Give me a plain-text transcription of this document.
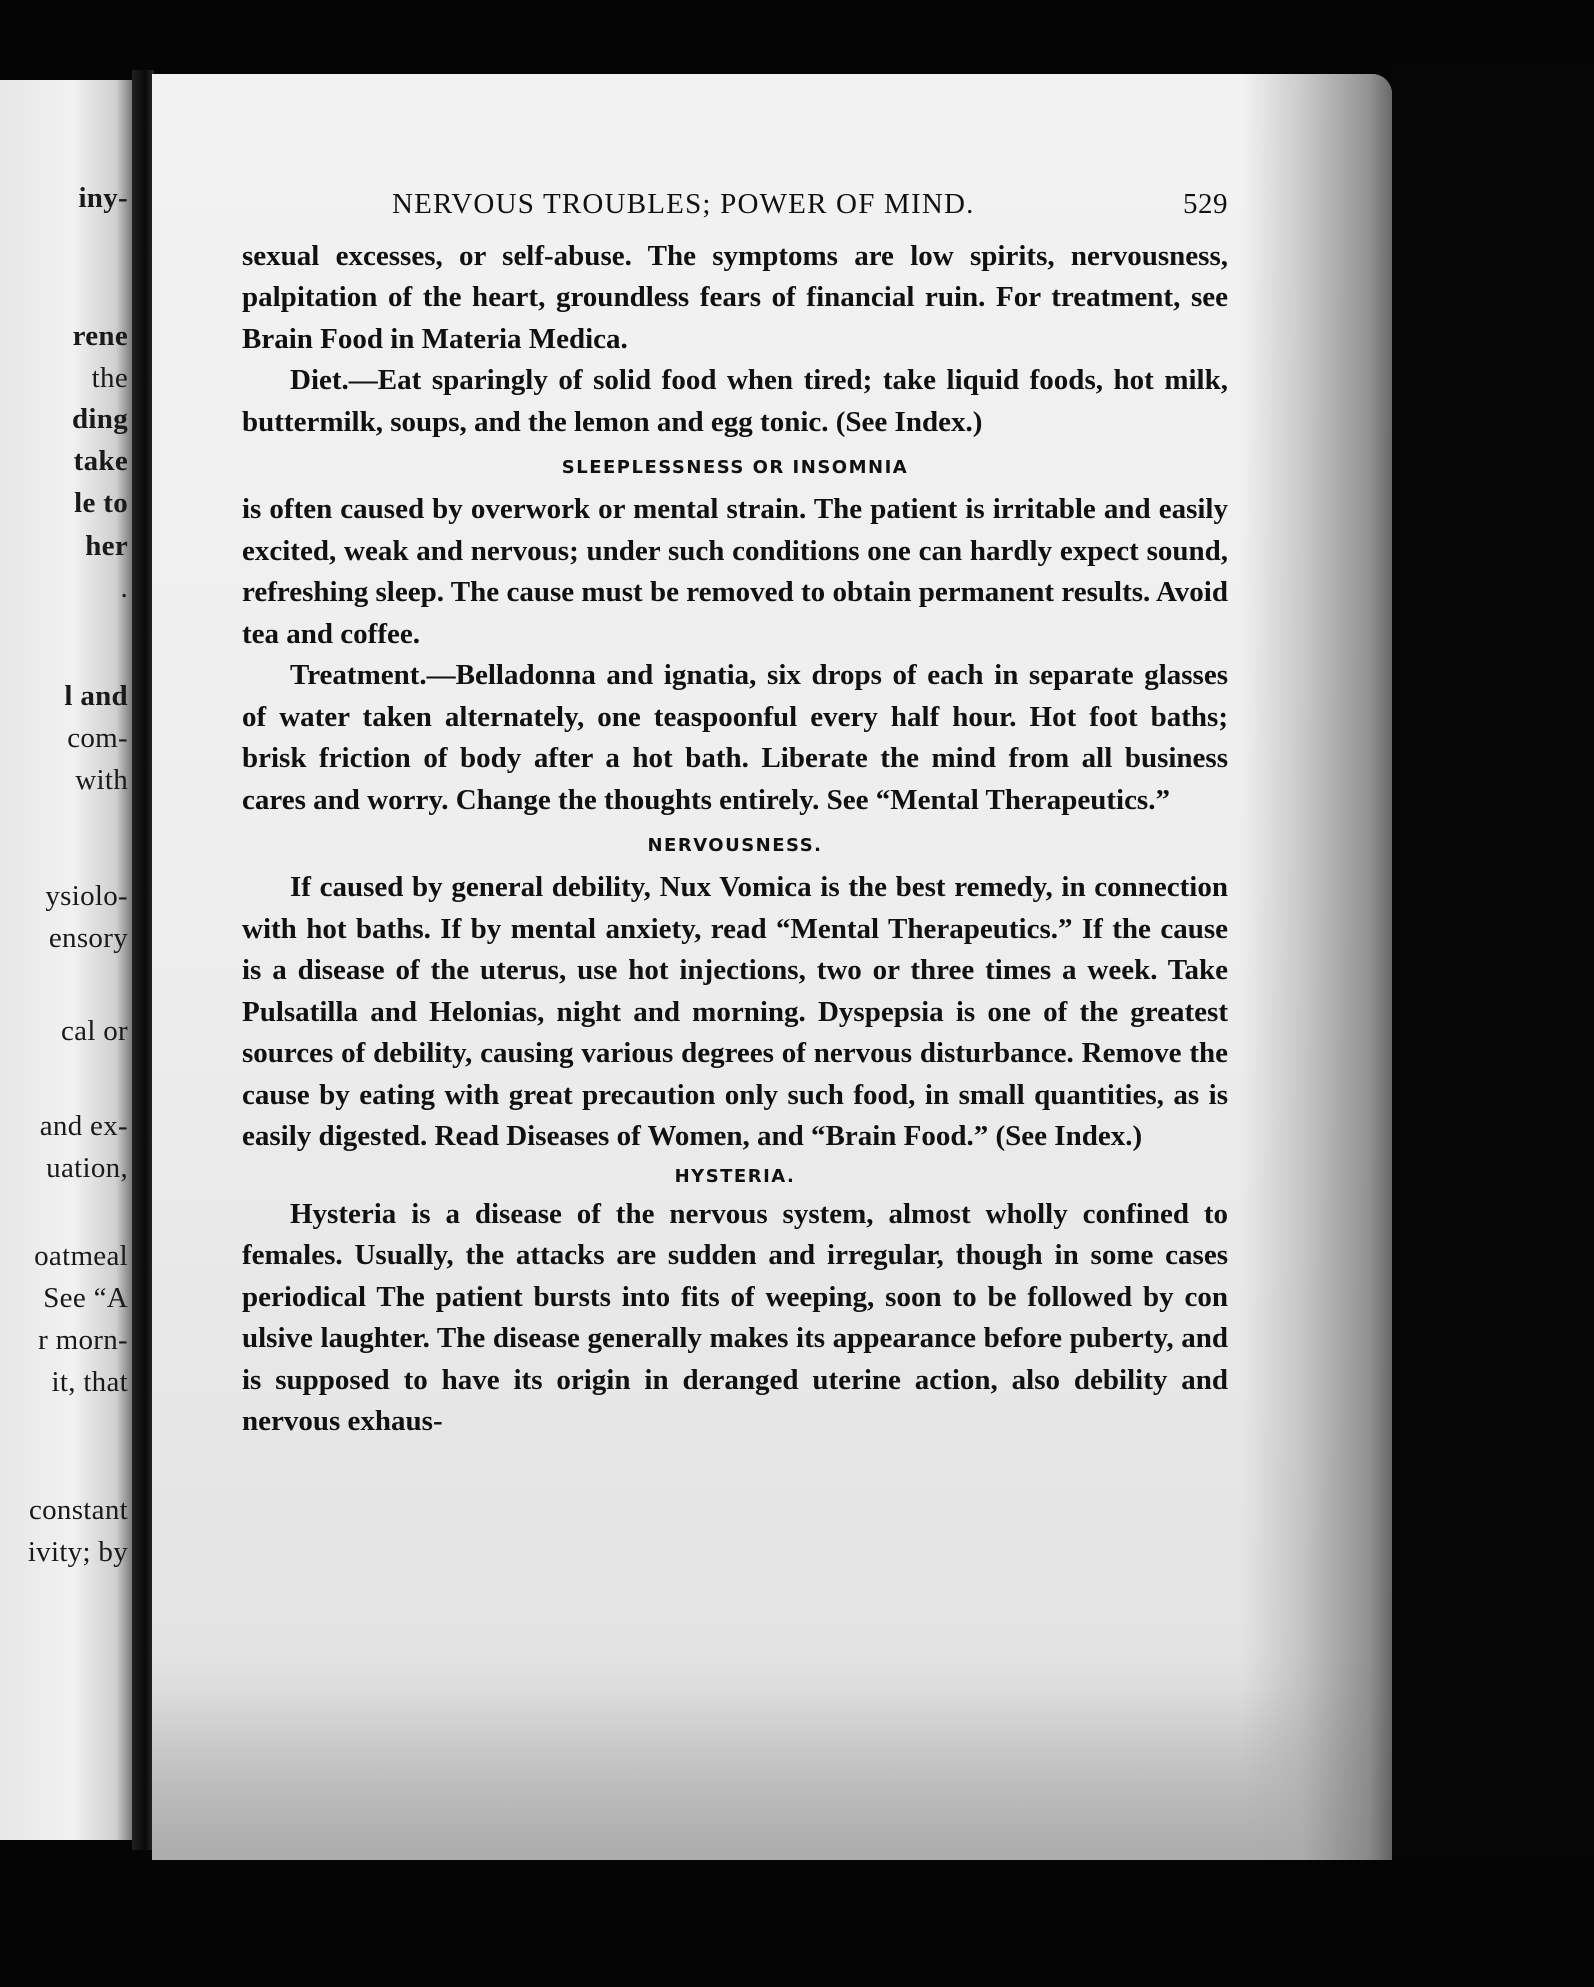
iny-
rene
the
ding
take
le to
her
.
l and
com-
with
ysiolo-
ensory
cal or
and ex-
uation,
oatmeal
See “A
r morn-
it, that
constant
ivity; by
NERVOUS TROUBLES; POWER OF MIND.	529

sexual excesses, or self-abuse. The symptoms are low spirits, nervousness, palpitation of the heart, groundless fears of financial ruin. For treatment, see Brain Food in Materia Medica.

Diet.—Eat sparingly of solid food when tired; take liquid foods, hot milk, buttermilk, soups, and the lemon and egg tonic. (See Index.)

SLEEPLESSNESS OR INSOMNIA

is often caused by overwork or mental strain. The patient is irritable and easily excited, weak and nervous; under such conditions one can hardly expect sound, refreshing sleep. The cause must be removed to obtain permanent results. Avoid tea and coffee.

Treatment.—Belladonna and ignatia, six drops of each in separate glasses of water taken alternately, one teaspoonful every half hour. Hot foot baths; brisk friction of body after a hot bath. Liberate the mind from all business cares and worry. Change the thoughts entirely. See “Mental Therapeutics.”

NERVOUSNESS.

If caused by general debility, Nux Vomica is the best remedy, in connection with hot baths. If by mental anxiety, read “Mental Therapeutics.” If the cause is a disease of the uterus, use hot injections, two or three times a week. Take Pulsatilla and Helonias, night and morning. Dyspepsia is one of the greatest sources of debility, causing various degrees of nervous disturbance. Remove the cause by eating with great precaution only such food, in small quantities, as is easily digested. Read Diseases of Women, and “Brain Food.” (See Index.)

HYSTERIA.

Hysteria is a disease of the nervous system, almost wholly confined to females. Usually, the attacks are sudden and irregular, though in some cases periodical The patient bursts into fits of weeping, soon to be followed by con ulsive laughter. The disease generally makes its appearance before puberty, and is supposed to have its origin in deranged uterine action, also debility and nervous exhaus-
